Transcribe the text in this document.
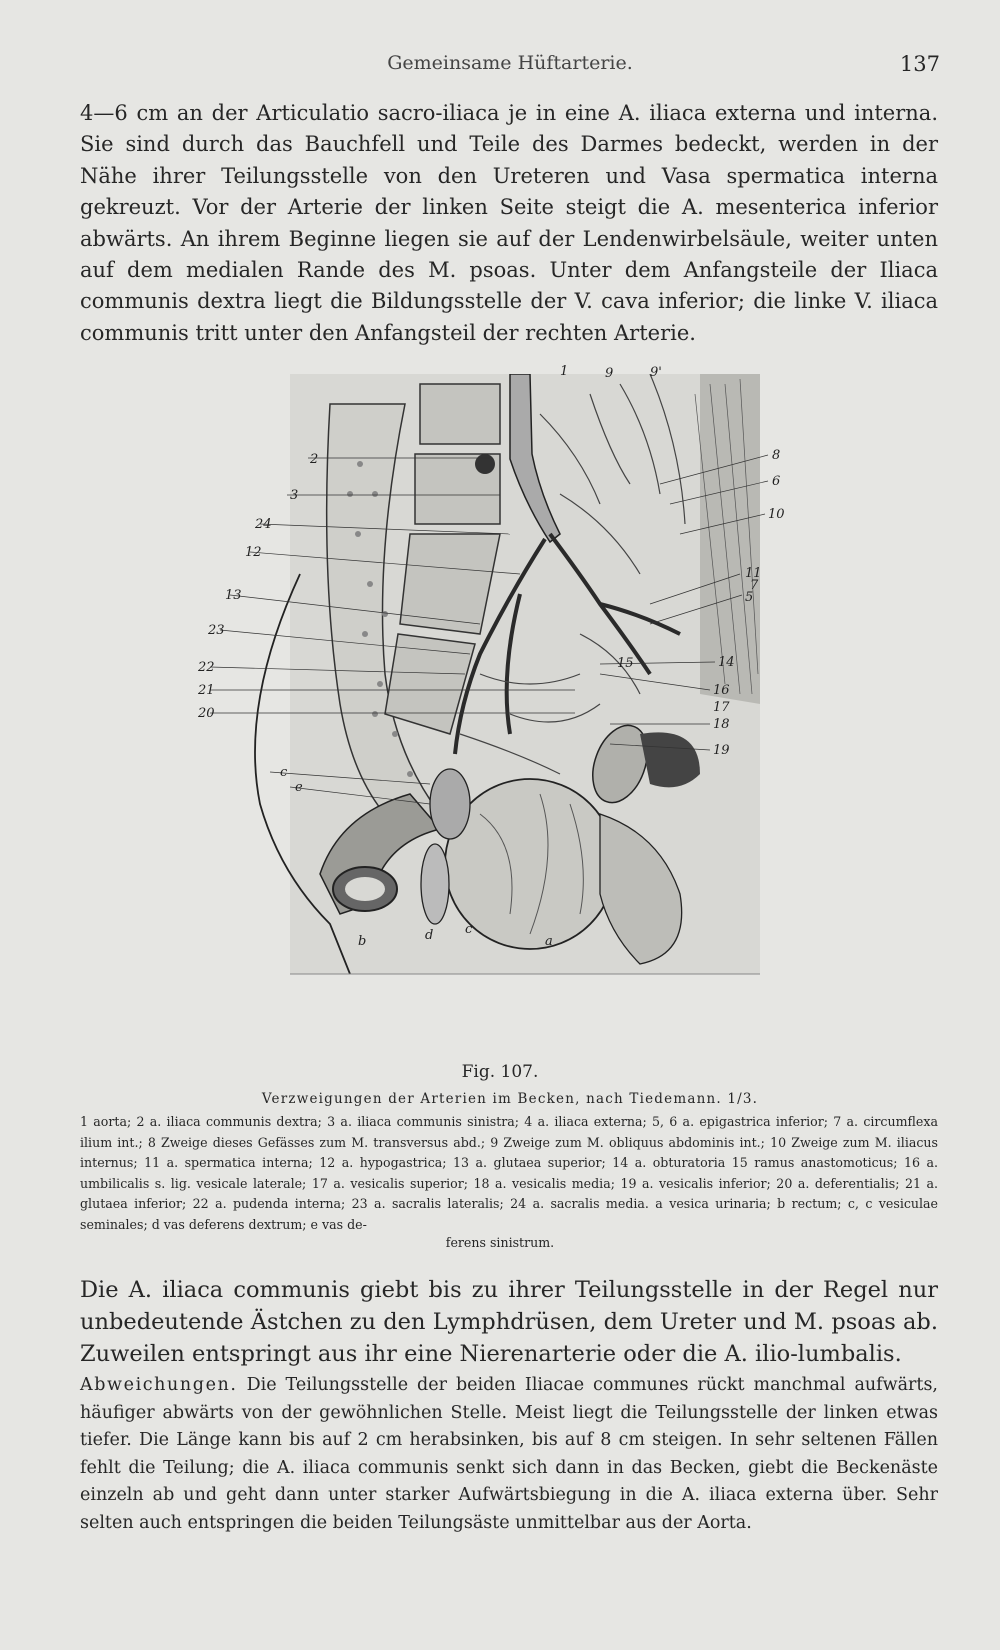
Gemeinsame Hüftarterie.	137
4—6 cm an der Articulatio sacro-iliaca je in eine A. iliaca externa und interna. Sie sind durch das Bauchfell und Teile des Darmes bedeckt, werden in der Nähe ihrer Teilungsstelle von den Ureteren und Vasa spermatica interna gekreuzt. Vor der Arterie der linken Seite steigt die A. mesenterica inferior abwärts. An ihrem Beginne liegen sie auf der Lendenwirbelsäule, weiter unten auf dem medialen Rande des M. psoas. Unter dem Anfangsteile der Iliaca communis dextra liegt die Bildungsstelle der V. cava inferior; die linke V. iliaca communis tritt unter den Anfangsteil der rechten Arterie.
1	9	9'
8
6
10
11
7
5
2
3
24
12
13
23
22
21
20
15	14
16
17
18
19
c
e
b	d c
a
Fig. 107.
Verzweigungen der Arterien im Becken, nach Tiedemann. 1/3.
1 aorta; 2 a. iliaca communis dextra; 3 a. iliaca communis sinistra; 4 a. iliaca externa; 5, 6 a. epigastrica inferior; 7 a. circumflexa ilium int.; 8 Zweige dieses Gefässes zum M. transversus abd.; 9 Zweige zum M. obliquus abdominis int.; 10 Zweige zum M. iliacus internus; 11 a. spermatica interna; 12 a. hypogastrica; 13 a. glutaea superior; 14 a. obturatoria 15 ramus anastomoticus; 16 a. umbilicalis s. lig. vesicale laterale; 17 a. vesicalis superior; 18 a. vesicalis media; 19 a. vesicalis inferior; 20 a. deferentialis; 21 a. glutaea inferior; 22 a. pudenda interna; 23 a. sacralis lateralis; 24 a. sacralis media. a vesica urinaria; b rectum; c, c vesiculae seminales; d vas deferens dextrum; e vas de-
ferens sinistrum.
Die A. iliaca communis giebt bis zu ihrer Teilungsstelle in der Regel nur unbedeutende Ästchen zu den Lymphdrüsen, dem Ureter und M. psoas ab. Zuweilen entspringt aus ihr eine Nierenarterie oder die A. ilio-lumbalis.
Abweichungen. Die Teilungsstelle der beiden Iliacae communes rückt manchmal aufwärts, häufiger abwärts von der gewöhnlichen Stelle. Meist liegt die Teilungsstelle der linken etwas tiefer. Die Länge kann bis auf 2 cm herabsinken, bis auf 8 cm steigen. In sehr seltenen Fällen fehlt die Teilung; die A. iliaca communis senkt sich dann in das Becken, giebt die Beckenäste einzeln ab und geht dann unter starker Aufwärtsbiegung in die A. iliaca externa über. Sehr selten auch entspringen die beiden Teilungsäste unmittelbar aus der Aorta.
